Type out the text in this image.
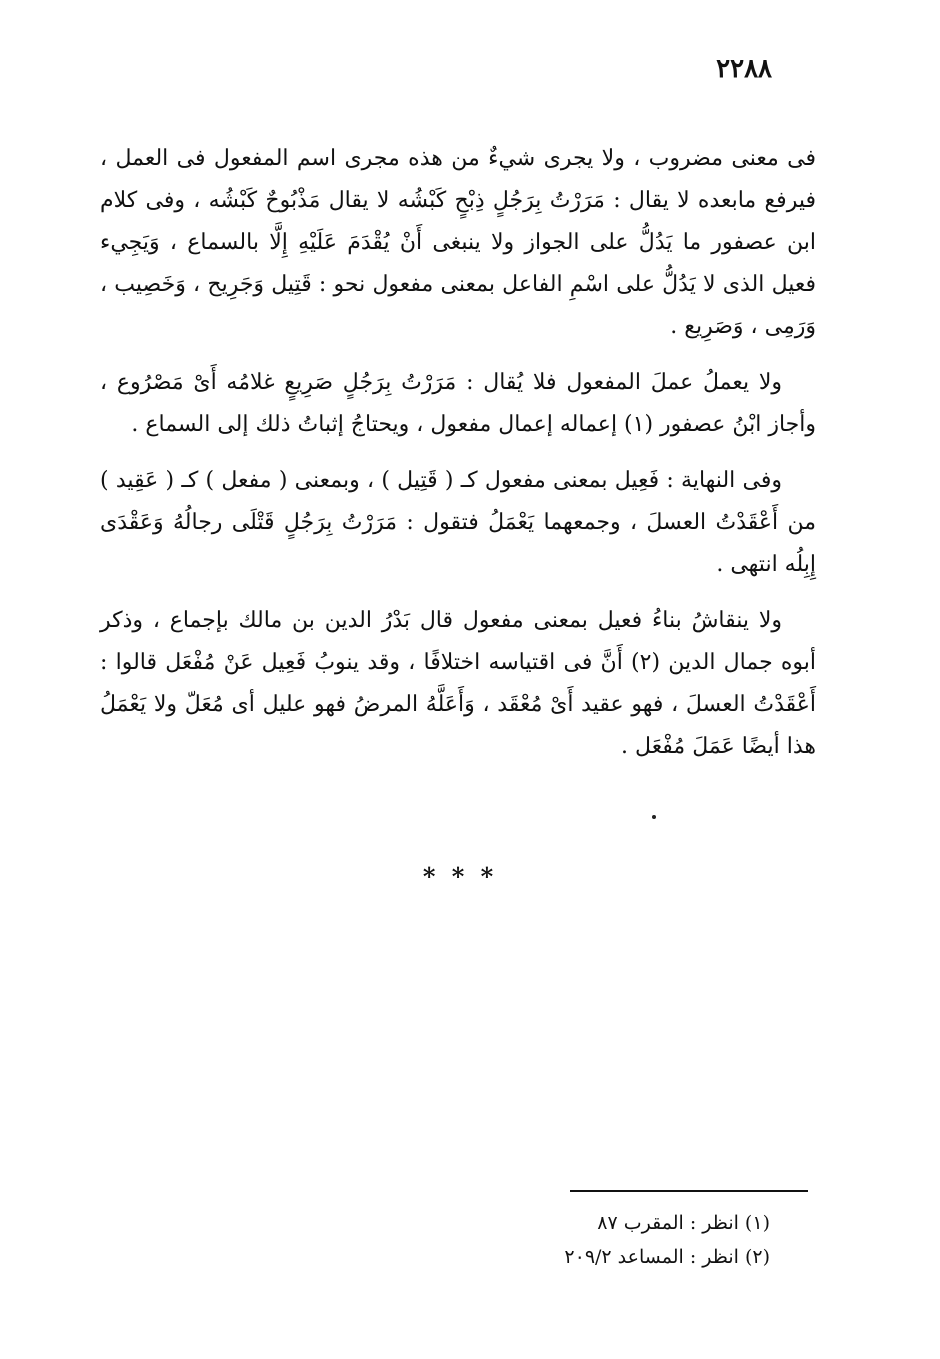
٢٢٨٨

فى معنى مضروب ، ولا يجرى شيءٌ من هذه مجرى اسم المفعول فى العمل ، فيرفع مابعده لا يقال : مَرَرْتُ بِرَجُلٍ ذِبْحٍ كَبْشُه لا يقال مَذْبُوحٌ كَبْشُه ، وفى كلام ابن عصفور ما يَدُلُّ على الجواز ولا ينبغى أَنْ يُقْدَمَ عَلَيْهِ إِلَّا بالسماع ، وَيَجِيء فعيل الذى لا يَدُلُّ على اسْمِ الفاعل بمعنى مفعول نحو : قَتِيل وَجَرِيح ، وَخَصِيب ، وَرَمِى ، وَصَرِيع .

ولا يعملُ عملَ المفعول فلا يُقال : مَرَرْتُ بِرَجُلٍ صَرِيعٍ غلامُه أَىْ مَصْرُوع ، وأجاز ابْنُ عصفور (١) إعماله إعمال مفعول ، ويحتاجُ إثباتُ ذلك إلى السماع .

وفى النهاية : فَعِيل بمعنى مفعول كـ ( قَتِيل ) ، وبمعنى ( مفعل ) كـ ( عَقِيد ) من أَعْقَدْتُ العسلَ ، وجمعهما يَعْمَلُ فتقول : مَرَرْتُ بِرَجُلٍ قَتْلَى رجالُهُ وَعَقْدَى إِبِلُه انتهى .

ولا ينقاشُ بناءُ فعيل بمعنى مفعول قال بَدْرُ الدين بن مالك بإجماع ، وذكر أبوه جمال الدين (٢) أَنَّ فى اقتياسه اختلافًا ، وقد ينوبُ فَعِيل عَنْ مُفْعَل قالوا : أَعْقَدْتُ العسلَ ، فهو عقيد أَىْ مُعْقَد ، وَأَعَلَّهُ المرضُ فهو عليل أى مُعَلّ ولا يَعْمَلُ هذا أيضًا عَمَلَ مُفْعَل .

* * *

(١) انظر : المقرب ٨٧

(٢) انظر : المساعد ٢٠٩/٢
